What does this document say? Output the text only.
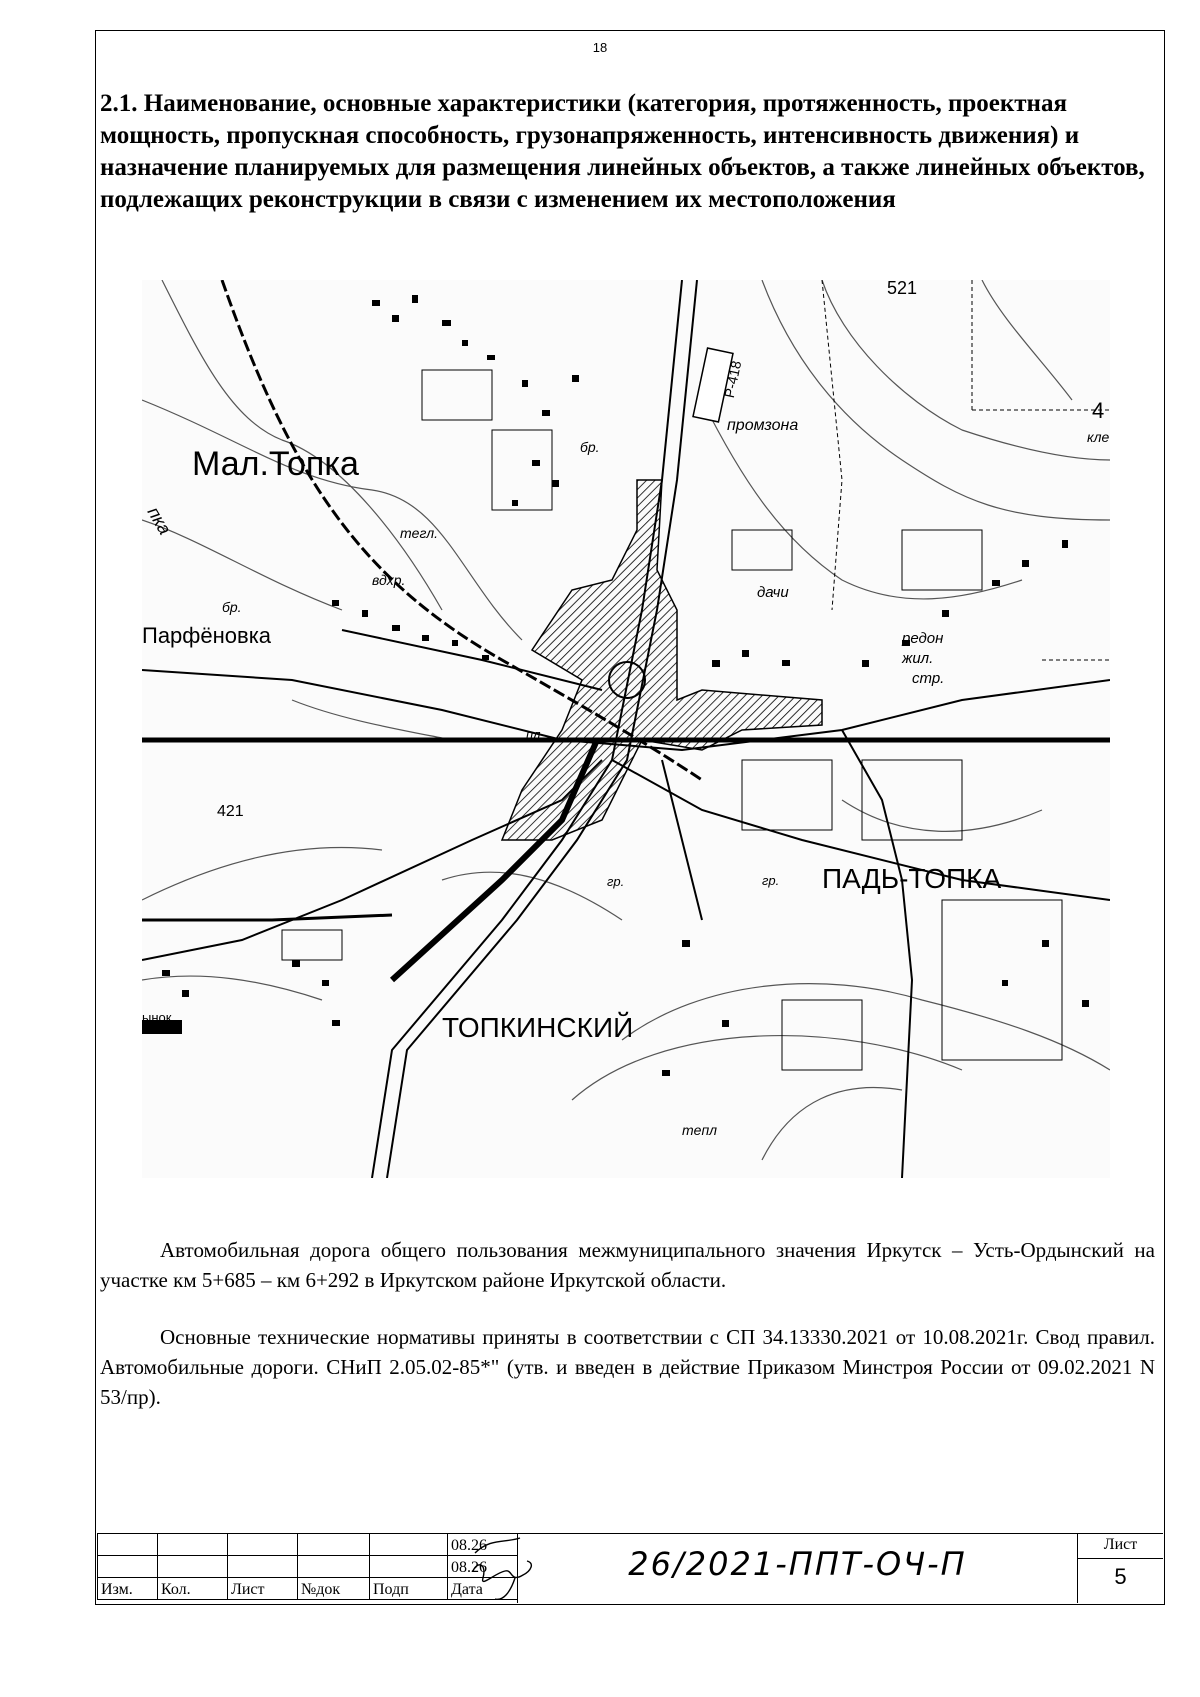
18
2.1. Наименование, основные характеристики (категория, протяженность, проектная мощность, пропускная способность, грузонапряженность, интенсивность движения) и назначение планируемых для размещения линейных объектов, а также линейных объектов, подлежащих реконструкции в связи с изменением их местоположения
Мал.Топка
Парфёновка
ПАДЬ-ТОПКА
ТОПКИНСКИЙ
521
421
4
ынок
промзона
дачи
редон
жил.
стр.
кле
бр.
бр.
вдхр.
тегл.
пл.
гр.	гр.
тепл
пка
Р-418

Автомобильная дорога общего пользования межмуниципального значения Иркутск – Усть-Ордынский на участке км 5+685 – км 6+292 в Иркутском районе Иркутской области.

Основные технические нормативы приняты в соответствии с СП 34.13330.2021 от 10.08.2021г. Свод правил. Автомобильные дороги. СНиП 2.05.02-85*" (утв. и введен в действие Приказом Минстроя России от 09.02.2021 N 53/пр).

					08.26
					08.26
Изм.	Кол.	Лист	№док	Подп	Дата
26/2021-ППТ-ОЧ-П
Лист
5
